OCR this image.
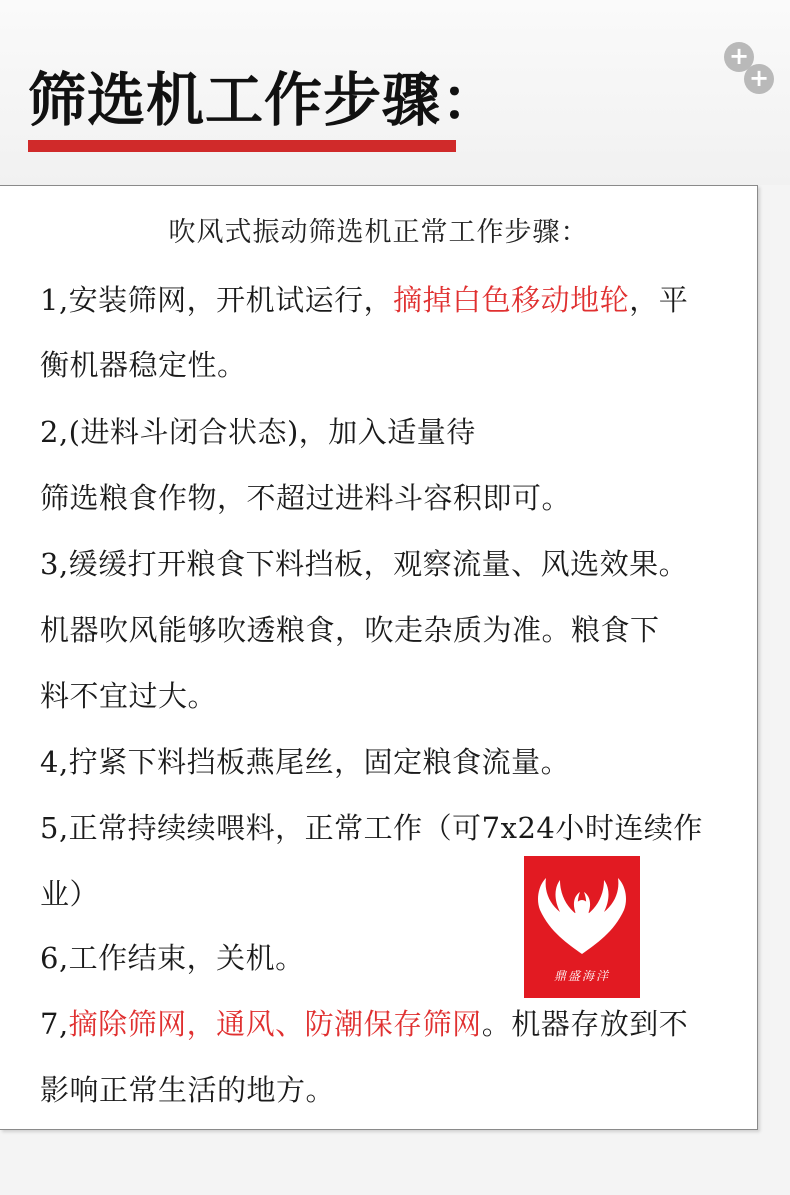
筛选机工作步骤：
+
+
吹风式振动筛选机正常工作步骤：
1,安装筛网，开机试运行，摘掉白色移动地轮，平
衡机器稳定性。
2,(进料斗闭合状态)，加入适量待
筛选粮食作物，不超过进料斗容积即可。
3,缓缓打开粮食下料挡板，观察流量、风选效果。
机器吹风能够吹透粮食，吹走杂质为准。粮食下
料不宜过大。
4,拧紧下料挡板燕尾丝，固定粮食流量。
5,正常持续续喂料，正常工作（可7x24小时连续作
业）
6,工作结束，关机。
7,摘除筛网，通风、防潮保存筛网。机器存放到不
影响正常生活的地方。
鼎盛海洋
